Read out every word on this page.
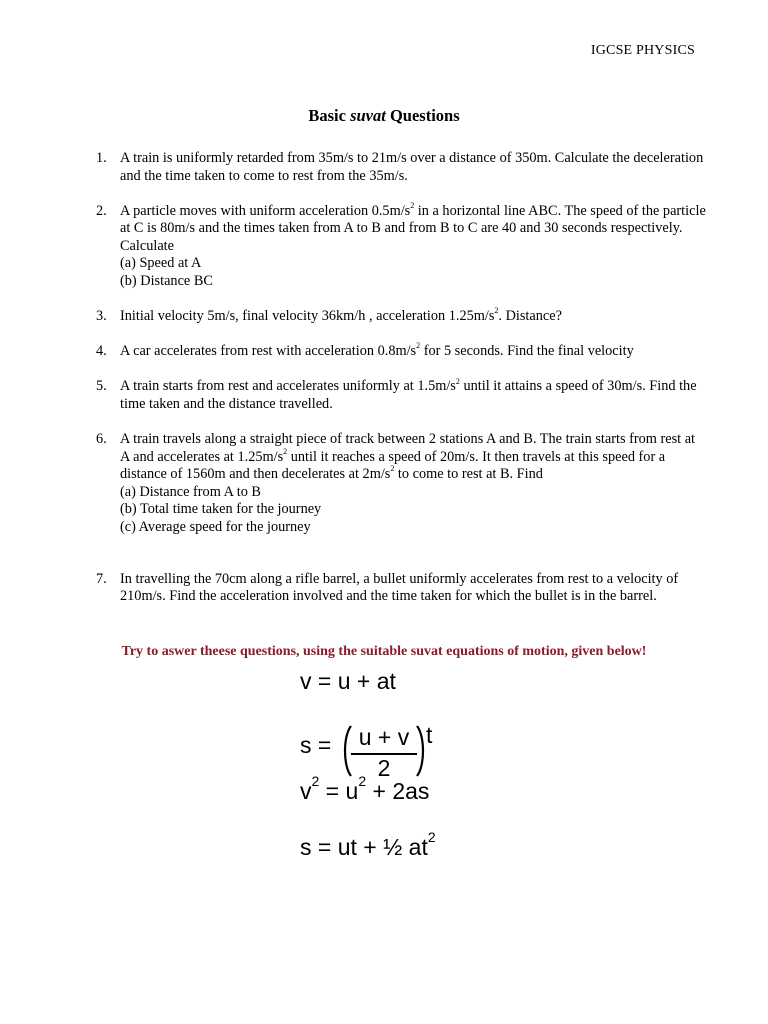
IGCSE PHYSICS
Basic suvat Questions
1. A train is uniformly retarded from 35m/s to 21m/s over a distance of 350m. Calculate the deceleration and the time taken to come to rest from the 35m/s.
2. A particle moves with uniform acceleration $0.5m/s^2$ in a horizontal line ABC. The speed of the particle at C is 80m/s and the times taken from A to B and from B to C are 40 and 30 seconds respectively. Calculate
(a) Speed at A
(b) Distance BC
3. Initial velocity 5m/s, final velocity 36km/h , acceleration $1.25m/s^2$. Distance?
4. A car accelerates from rest with acceleration $0.8m/s^2$ for 5 seconds. Find the final velocity
5. A train starts from rest and accelerates uniformly at $1.5m/s^2$ until it attains a speed of 30m/s. Find the time taken and the distance travelled.
6. A train travels along a straight piece of track between 2 stations A and B. The train starts from rest at A and accelerates at $1.25m/s^2$ until it reaches a speed of 20m/s. It then travels at this speed for a distance of 1560m and then decelerates at $2m/s^2$ to come to rest at B. Find
(a) Distance from A to B
(b) Total time taken for the journey
(c) Average speed for the journey
7. In travelling the 70cm along a rifle barrel, a bullet uniformly accelerates from rest to a velocity of 210m/s. Find the acceleration involved and the time taken for which the bullet is in the barrel.
Try to aswer theese questions, using the suitable suvat equations of motion, given below!
v = u + at
s =	u + v
2
t
$v^2 = u^2 + 2as$
s = ut + ½ $at^2$
